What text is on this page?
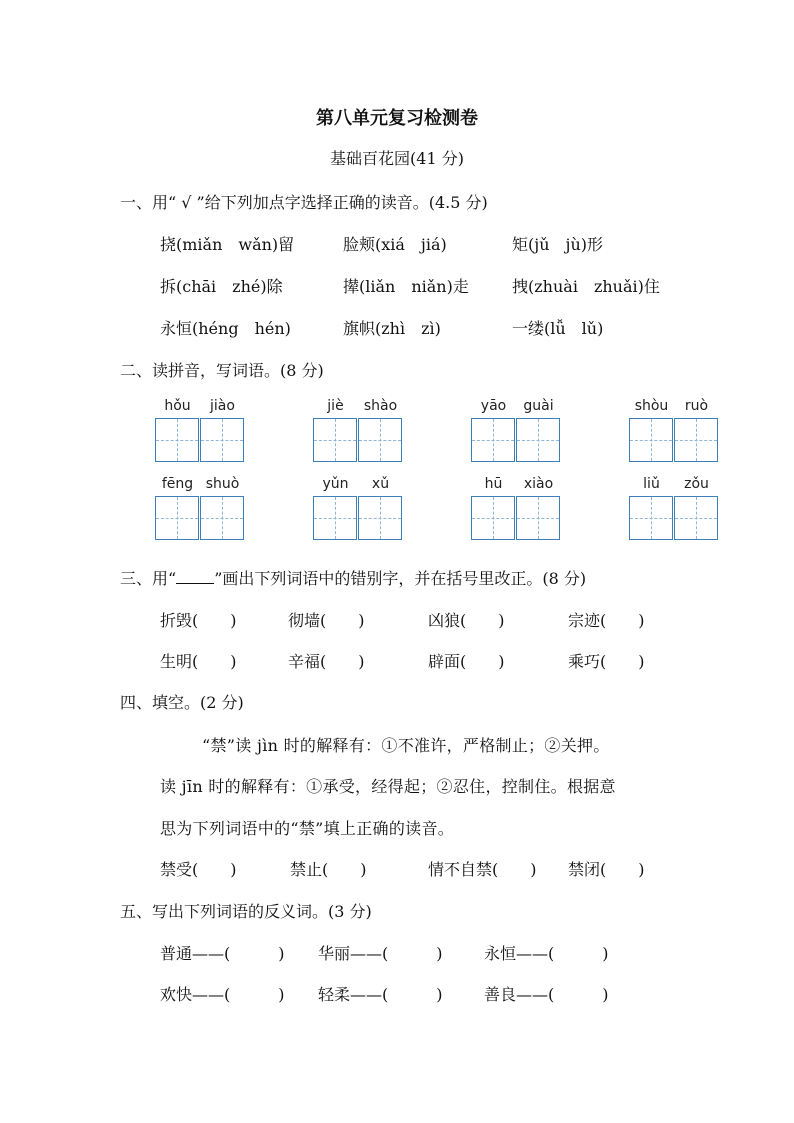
第八单元复习检测卷
基础百花园(41 分)
一、用“ √ ”给下列加点字选择正确的读音。(4.5 分)
挠(miǎn　wǎn)留	脸颊(xiá　jiá)	矩(jǔ　jù)形
拆(chāi　zhé)除	撵(liǎn　niǎn)走	拽(zhuài　zhuǎi)住
永恒(héng　hén)	旗帜(zhì　zì)	一缕(lǚ　lǔ)
二、读拼音，写词语。(8 分)
hǒu	jiào	jiè	shào	yāo	guài	shòu	ruò
fēng shuò	yǔn	xǔ	hū	xiào	liǔ	zǒu
三、用“ ”画出下列词语中的错别字，并在括号里改正。(8 分)
折毁(　　)	彻墙(　　)	凶狼(　　)	宗迹(　　)
生明(　　)	辛福(　　)	辟面(　　)	乘巧(　　)
四、填空。(2 分)
“禁”读 jìn 时的解释有：①不准许，严格制止；②关押。
读 jīn 时的解释有：①承受，经得起；②忍住，控制住。根据意
思为下列词语中的“禁”填上正确的读音。
禁受(　　)	禁止(　　)	情不自禁(　　) 禁闭(　　)
五、写出下列词语的反义词。(3 分)
普通——(　　　) 华丽——(　　　)	永恒——(　　　)
欢快——(　　　) 轻柔——(　　　)	善良——(　　　)
